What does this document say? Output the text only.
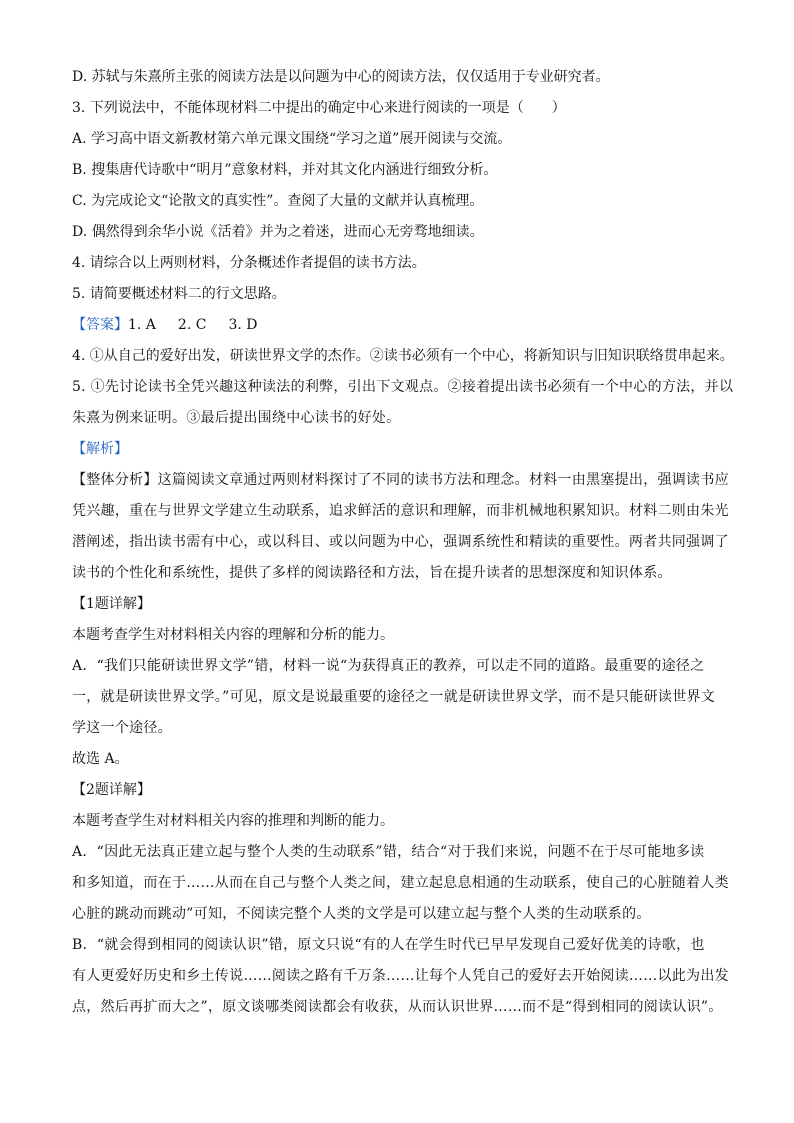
D. 苏轼与朱熹所主张的阅读方法是以问题为中心的阅读方法，仅仅适用于专业研究者。
3. 下列说法中，不能体现材料二中提出的确定中心来进行阅读的一项是（　　）
A. 学习高中语文新教材第六单元课文围绕“学习之道”展开阅读与交流。
B. 搜集唐代诗歌中“明月”意象材料，并对其文化内涵进行细致分析。
C. 为完成论文“论散文的真实性”。查阅了大量的文献并认真梳理。
D. 偶然得到余华小说《活着》并为之着迷，进而心无旁骛地细读。
4. 请综合以上两则材料，分条概述作者提倡的读书方法。
5. 请简要概述材料二的行文思路。
【答案】1. A 2. C 3. D
4. ①从自己的爱好出发，研读世界文学的杰作。②读书必须有一个中心，将新知识与旧知识联络贯串起来。
5. ①先讨论读书全凭兴趣这种读法的利弊，引出下文观点。②接着提出读书必须有一个中心的方法，并以
朱熹为例来证明。③最后提出围绕中心读书的好处。
【解析】
【整体分析】这篇阅读文章通过两则材料探讨了不同的读书方法和理念。材料一由黑塞提出，强调读书应
凭兴趣，重在与世界文学建立生动联系，追求鲜活的意识和理解，而非机械地积累知识。材料二则由朱光
潜阐述，指出读书需有中心，或以科目、或以问题为中心，强调系统性和精读的重要性。两者共同强调了
读书的个性化和系统性，提供了多样的阅读路径和方法，旨在提升读者的思想深度和知识体系。
【1题详解】
本题考查学生对材料相关内容的理解和分析的能力。
A．“我们只能研读世界文学”错，材料一说“为获得真正的教养，可以走不同的道路。最重要的途径之
一，就是研读世界文学。”可见，原文是说最重要的途径之一就是研读世界文学，而不是只能研读世界文
学这一个途径。
故选 A。
【2题详解】
本题考查学生对材料相关内容的推理和判断的能力。
A．“因此无法真正建立起与整个人类的生动联系”错，结合“对于我们来说，问题不在于尽可能地多读
和多知道，而在于……从而在自己与整个人类之间，建立起息息相通的生动联系，使自己的心脏随着人类
心脏的跳动而跳动”可知，不阅读完整个人类的文学是可以建立起与整个人类的生动联系的。
B．“就会得到相同的阅读认识”错，原文只说“有的人在学生时代已早早发现自己爱好优美的诗歌，也
有人更爱好历史和乡土传说……阅读之路有千万条……让每个人凭自己的爱好去开始阅读……以此为出发
点，然后再扩而大之”，原文谈哪类阅读都会有收获，从而认识世界……而不是“得到相同的阅读认识”。
